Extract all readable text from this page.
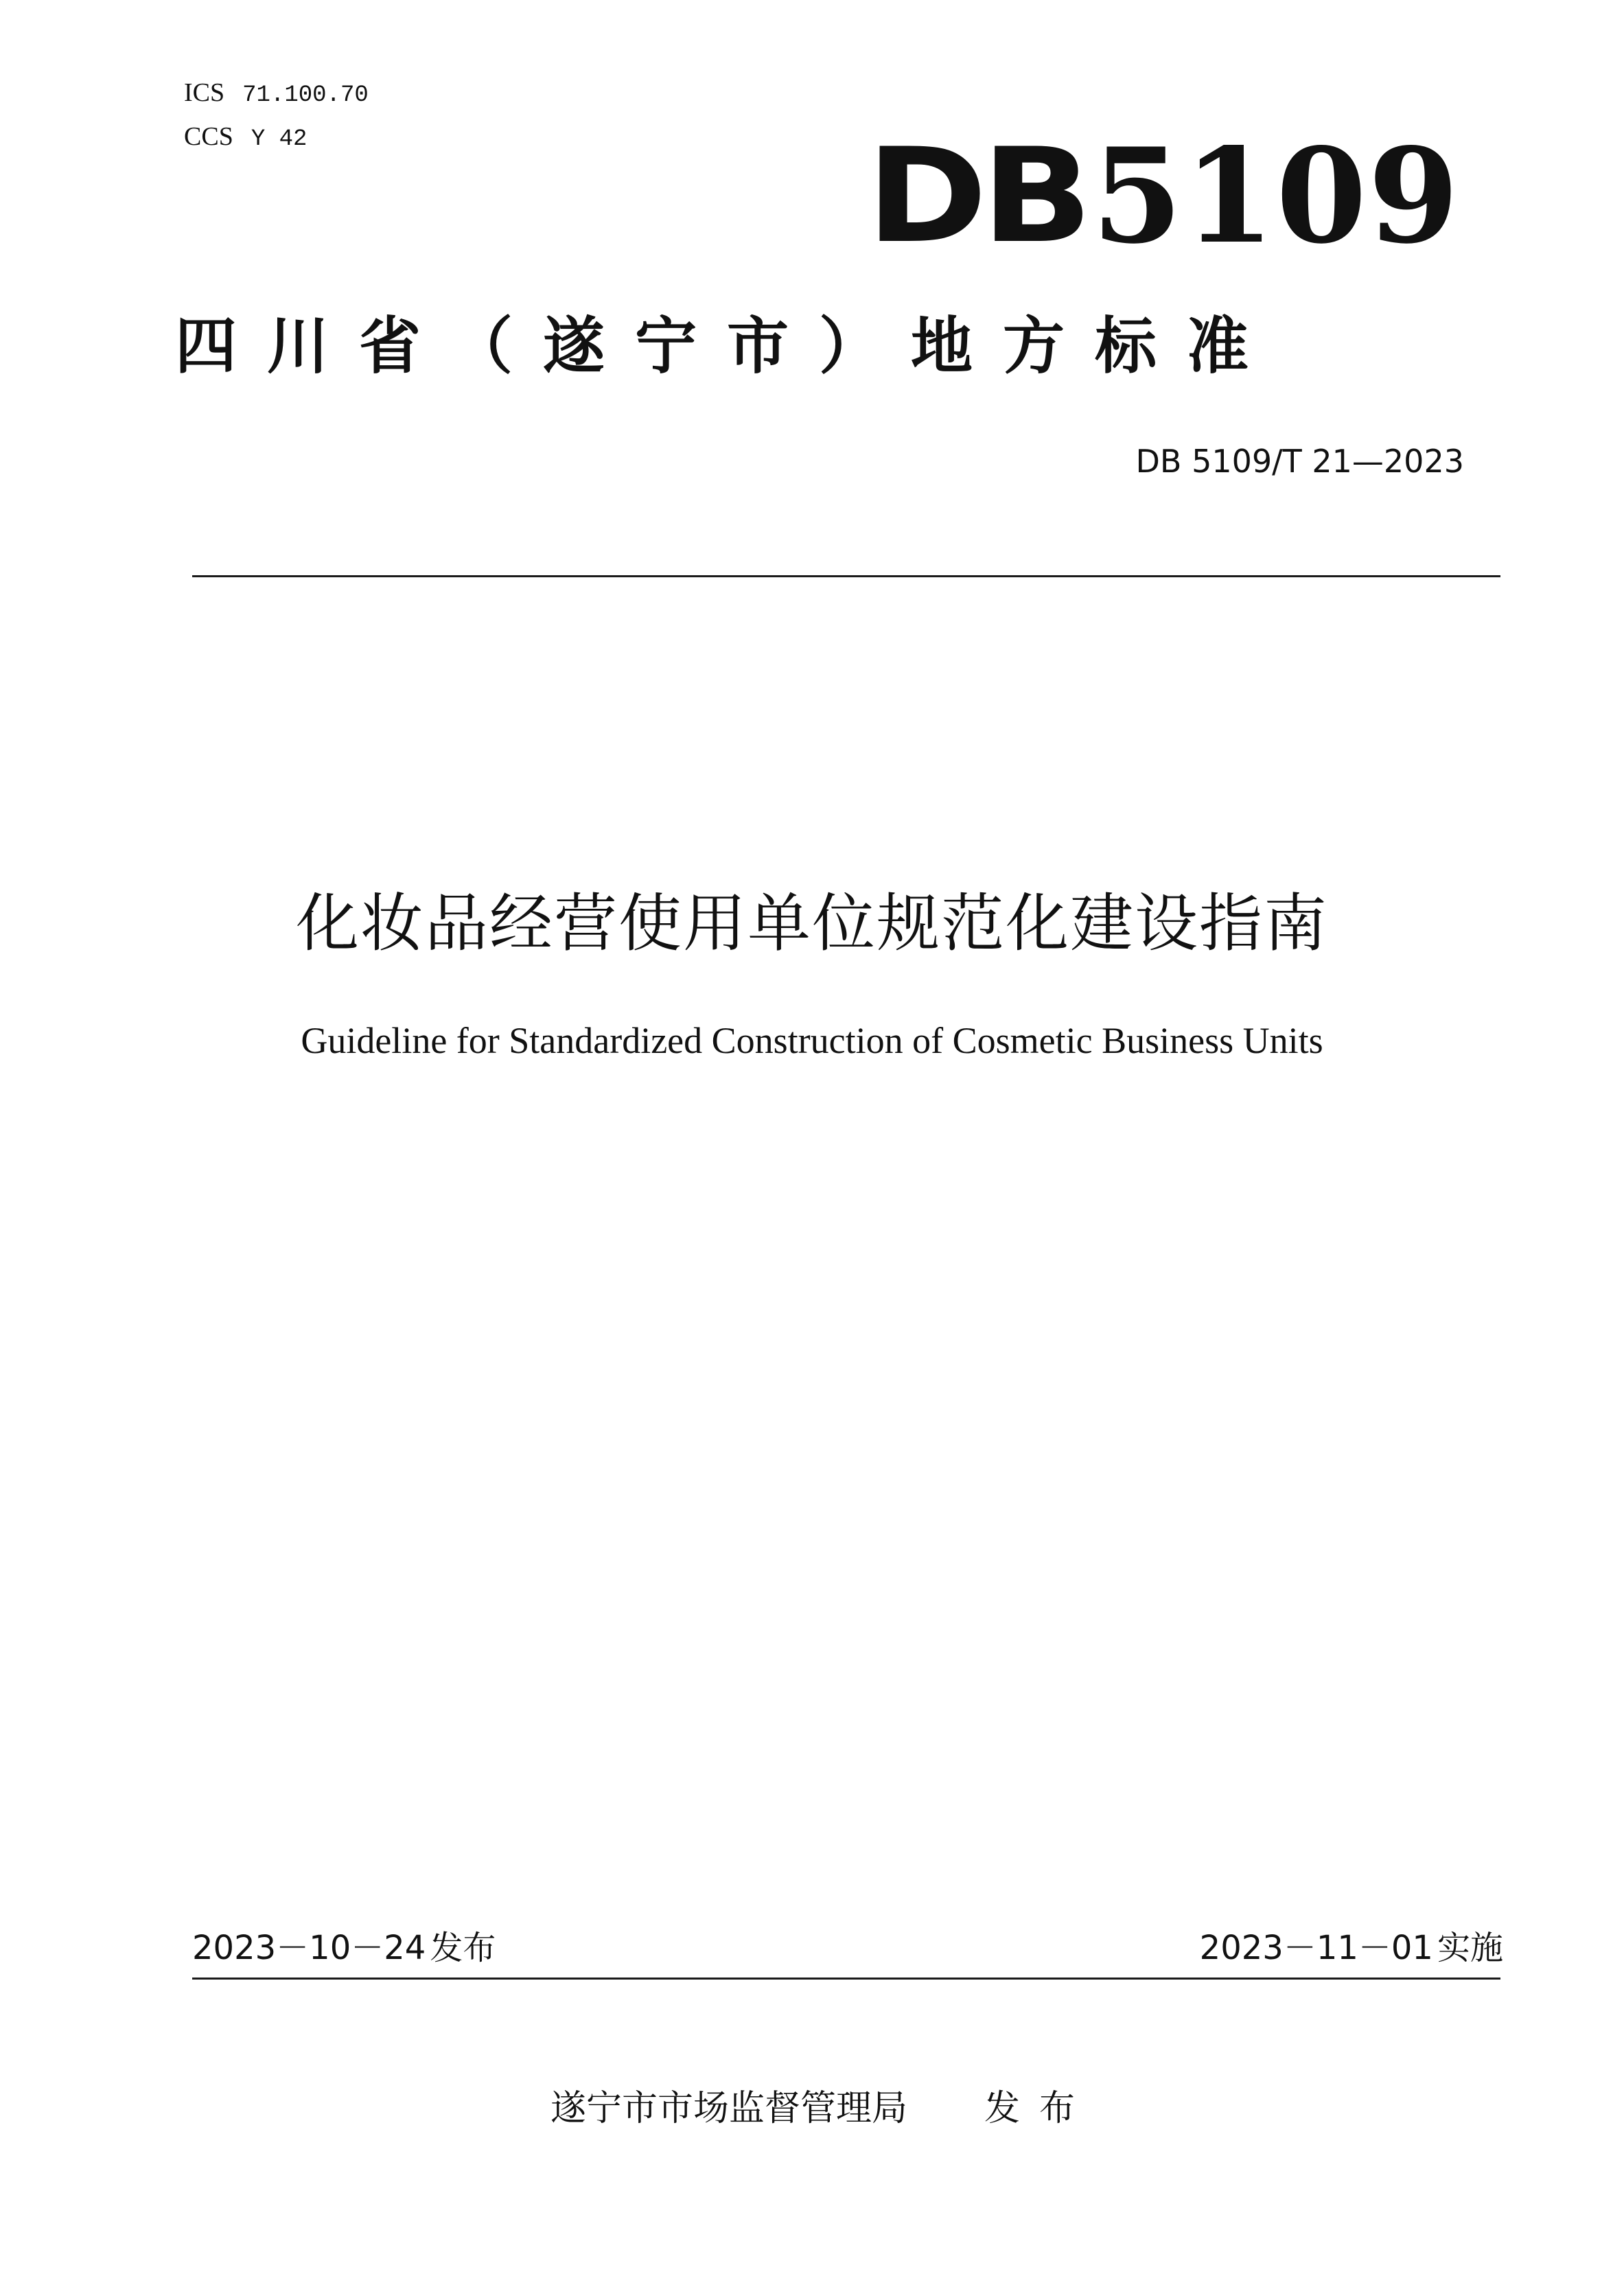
ICS 71.100.70
CCS Y 42	DB5109
四川省（遂宁市）地方标准
DB 5109/T 21—2023
化妆品经营使用单位规范化建设指南
Guideline for Standardized Construction of Cosmetic Business Units
2023－10－24 发布	2023－11－01 实施
遂宁市市场监督管理局 发布
